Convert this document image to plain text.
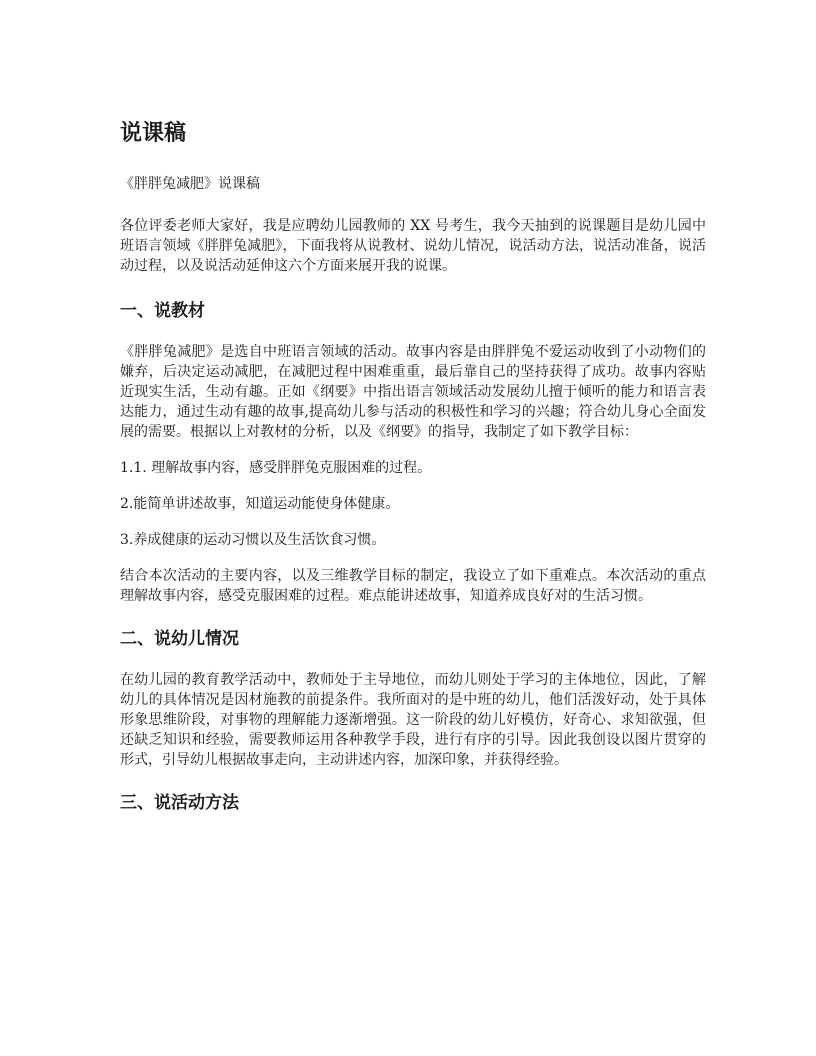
说课稿

《胖胖兔减肥》说课稿

各位评委老师大家好，我是应聘幼儿园教师的 XX 号考生，我今天抽到的说课题目是幼儿园中班语言领域《胖胖兔减肥》，下面我将从说教材、说幼儿情况，说活动方法，说活动准备，说活动过程，以及说活动延伸这六个方面来展开我的说课。

一、说教材

《胖胖兔减肥》是选自中班语言领域的活动。故事内容是由胖胖兔不爱运动收到了小动物们的嫌弃，后决定运动减肥，在减肥过程中困难重重，最后靠自己的坚持获得了成功。故事内容贴近现实生活，生动有趣。正如《纲要》中指出语言领域活动发展幼儿擅于倾听的能力和语言表达能力，通过生动有趣的故事,提高幼儿参与活动的积极性和学习的兴趣；符合幼儿身心全面发展的需要。根据以上对教材的分析，以及《纲要》的指导，我制定了如下教学目标：

1.1. 理解故事内容，感受胖胖兔克服困难的过程。

2.能简单讲述故事，知道运动能使身体健康。

3.养成健康的运动习惯以及生活饮食习惯。

结合本次活动的主要内容，以及三维教学目标的制定，我设立了如下重难点。本次活动的重点理解故事内容，感受克服困难的过程。难点能讲述故事，知道养成良好对的生活习惯。

二、说幼儿情况

在幼儿园的教育教学活动中，教师处于主导地位，而幼儿则处于学习的主体地位，因此，了解幼儿的具体情况是因材施教的前提条件。我所面对的是中班的幼儿，他们活泼好动，处于具体形象思维阶段，对事物的理解能力逐渐增强。这一阶段的幼儿好模仿，好奇心、求知欲强，但还缺乏知识和经验，需要教师运用各种教学手段，进行有序的引导。因此我创设以图片贯穿的形式，引导幼儿根据故事走向，主动讲述内容，加深印象，并获得经验。

三、说活动方法
